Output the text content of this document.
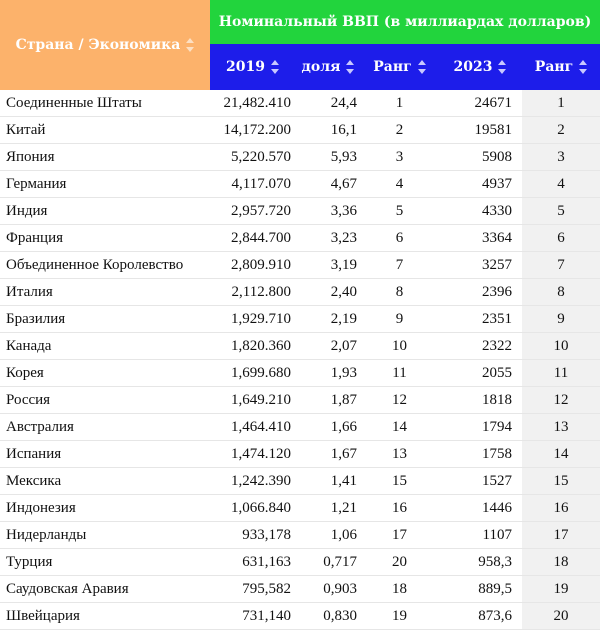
Страна / Экономика	Номинальный ВВП (в миллиардах долларов)				
	2019	доля	Ранг	2023	Ранг
Соединенные Штаты	21,482.410	24,4	1	24671	1
Китай	14,172.200	16,1	2	19581	2
Япония	5,220.570	5,93	3	5908	3
Германия	4,117.070	4,67	4	4937	4
Индия	2,957.720	3,36	5	4330	5
Франция	2,844.700	3,23	6	3364	6
Объединенное Королевство	2,809.910	3,19	7	3257	7
Италия	2,112.800	2,40	8	2396	8
Бразилия	1,929.710	2,19	9	2351	9
Канада	1,820.360	2,07	10	2322	10
Корея	1,699.680	1,93	11	2055	11
Россия	1,649.210	1,87	12	1818	12
Австралия	1,464.410	1,66	14	1794	13
Испания	1,474.120	1,67	13	1758	14
Мексика	1,242.390	1,41	15	1527	15
Индонезия	1,066.840	1,21	16	1446	16
Нидерланды	933,178	1,06	17	1107	17
Турция	631,163	0,717	20	958,3	18
Саудовская Аравия	795,582	0,903	18	889,5	19
Швейцария	731,140	0,830	19	873,6	20
